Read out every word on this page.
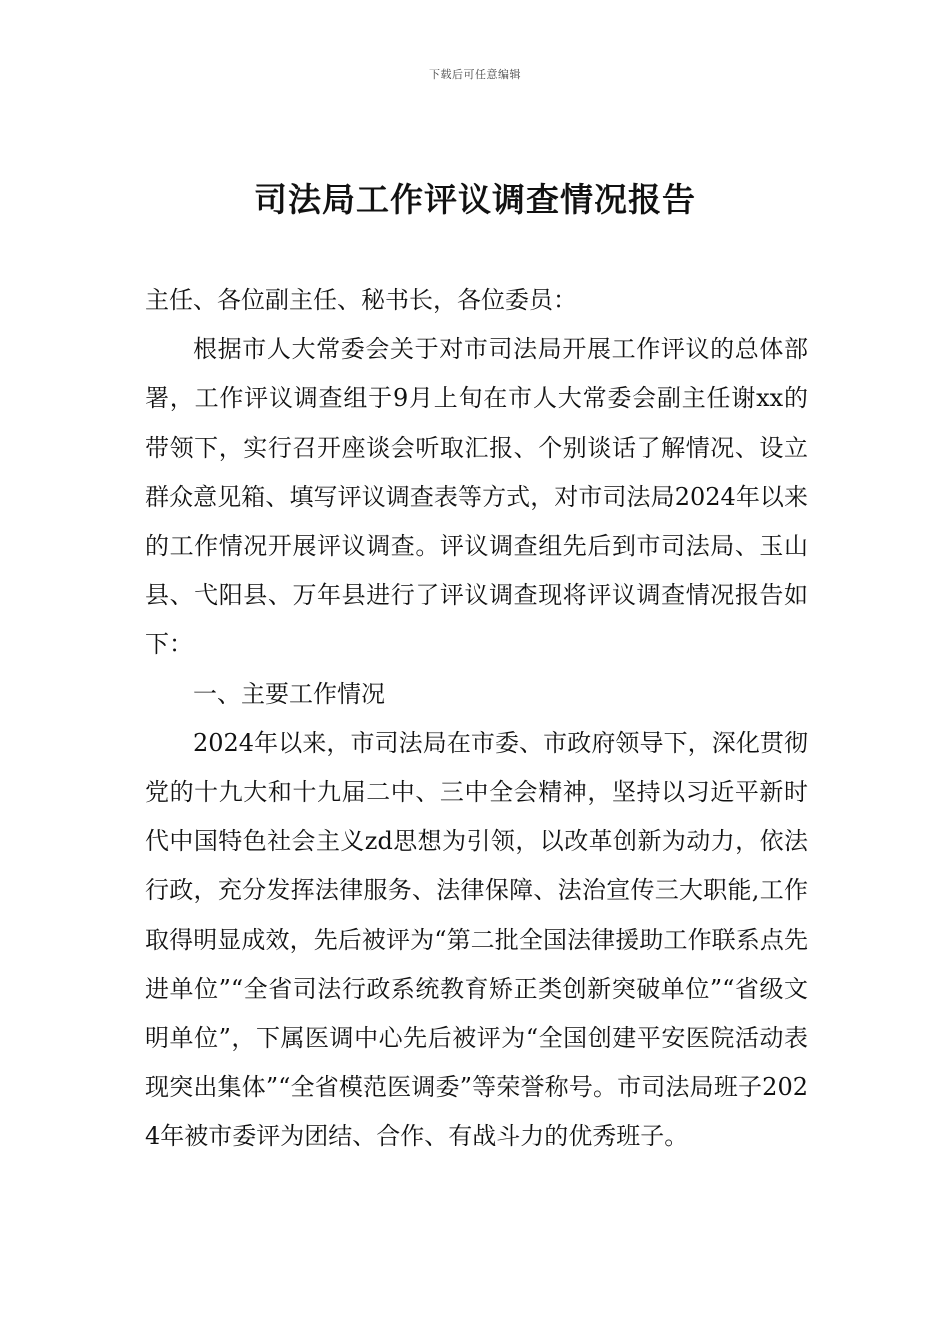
下载后可任意编辑
司法局工作评议调查情况报告

主任、各位副主任、秘书长，各位委员：

根据市人大常委会关于对市司法局开展工作评议的总体部署，工作评议调查组于9月上旬在市人大常委会副主任谢xx的带领下，实行召开座谈会听取汇报、个别谈话了解情况、设立群众意见箱、填写评议调查表等方式，对市司法局2024年以来的工作情况开展评议调查。评议调查组先后到市司法局、玉山县、弋阳县、万年县进行了评议调查现将评议调查情况报告如下：

一、主要工作情况

2024年以来，市司法局在市委、市政府领导下，深化贯彻党的十九大和十九届二中、三中全会精神，坚持以习近平新时代中国特色社会主义zd思想为引领，以改革创新为动力，依法行政，充分发挥法律服务、法律保障、法治宣传三大职能,工作取得明显成效，先后被评为“第二批全国法律援助工作联系点先进单位”“全省司法行政系统教育矫正类创新突破单位”“省级文明单位”，下属医调中心先后被评为“全国创建平安医院活动表现突出集体”“全省模范医调委”等荣誉称号。市司法局班子2024年被市委评为团结、合作、有战斗力的优秀班子。
